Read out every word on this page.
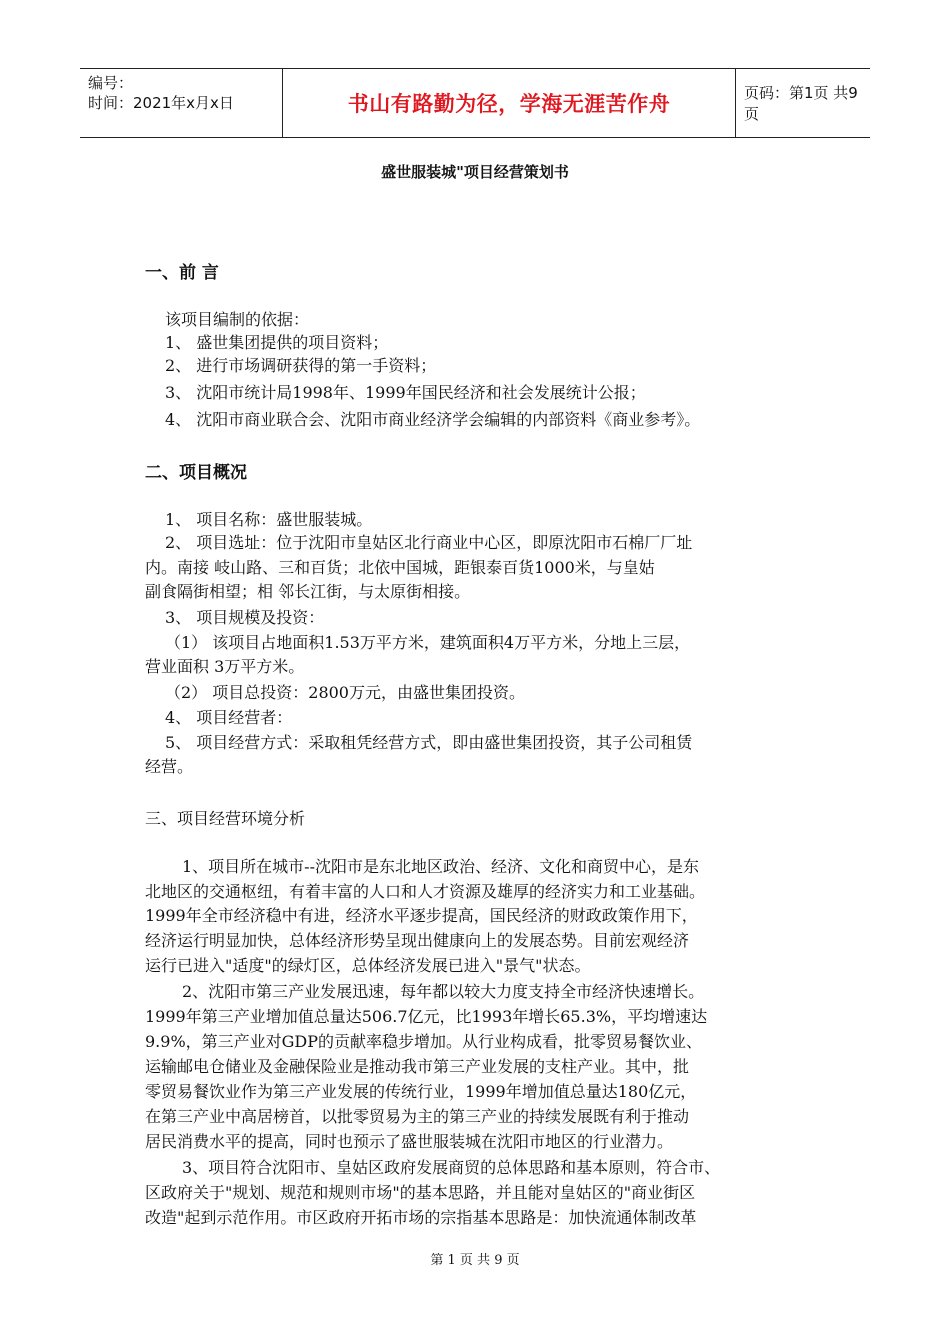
编号：
时间：2021年x月x日	书山有路勤为径，学海无涯苦作舟	页码：第1页 共9页
盛世服装城"项目经营策划书
一、前 言
该项目编制的依据：
1、 盛世集团提供的项目资料；
2、 进行市场调研获得的第一手资料；
3、 沈阳市统计局1998年、1999年国民经济和社会发展统计公报；
4、 沈阳市商业联合会、沈阳市商业经济学会编辑的内部资料《商业参考》。
二、项目概况
1、 项目名称：盛世服装城。
2、 项目选址：位于沈阳市皇姑区北行商业中心区，即原沈阳市石棉厂厂址
内。南接 岐山路、三和百货；北依中国城，距银泰百货1000米，与皇姑
副食隔街相望；相 邻长江街，与太原街相接。
3、 项目规模及投资：
（1） 该项目占地面积1.53万平方米，建筑面积4万平方米，分地上三层，
营业面积 3万平方米。
（2） 项目总投资：2800万元，由盛世集团投资。
4、 项目经营者：
5、 项目经营方式：采取租凭经营方式，即由盛世集团投资，其子公司租赁
经营。
三、项目经营环境分析
1、项目所在城市--沈阳市是东北地区政治、经济、文化和商贸中心，是东
北地区的交通枢纽，有着丰富的人口和人才资源及雄厚的经济实力和工业基础。
1999年全市经济稳中有进，经济水平逐步提高，国民经济的财政政策作用下，
经济运行明显加快，总体经济形势呈现出健康向上的发展态势。目前宏观经济
运行已进入"适度"的绿灯区，总体经济发展已进入"景气"状态。
2、沈阳市第三产业发展迅速，每年都以较大力度支持全市经济快速增长。
1999年第三产业增加值总量达506.7亿元，比1993年增长65.3%，平均增速达
9.9%，第三产业对GDP的贡献率稳步增加。从行业构成看，批零贸易餐饮业、
运输邮电仓储业及金融保险业是推动我市第三产业发展的支柱产业。其中，批
零贸易餐饮业作为第三产业发展的传统行业，1999年增加值总量达180亿元，
在第三产业中高居榜首，以批零贸易为主的第三产业的持续发展既有利于推动
居民消费水平的提高，同时也预示了盛世服装城在沈阳市地区的行业潜力。
3、项目符合沈阳市、皇姑区政府发展商贸的总体思路和基本原则，符合市、
区政府关于"规划、规范和规则市场"的基本思路，并且能对皇姑区的"商业街区
改造"起到示范作用。市区政府开拓市场的宗指基本思路是：加快流通体制改革
第 1 页 共 9 页
